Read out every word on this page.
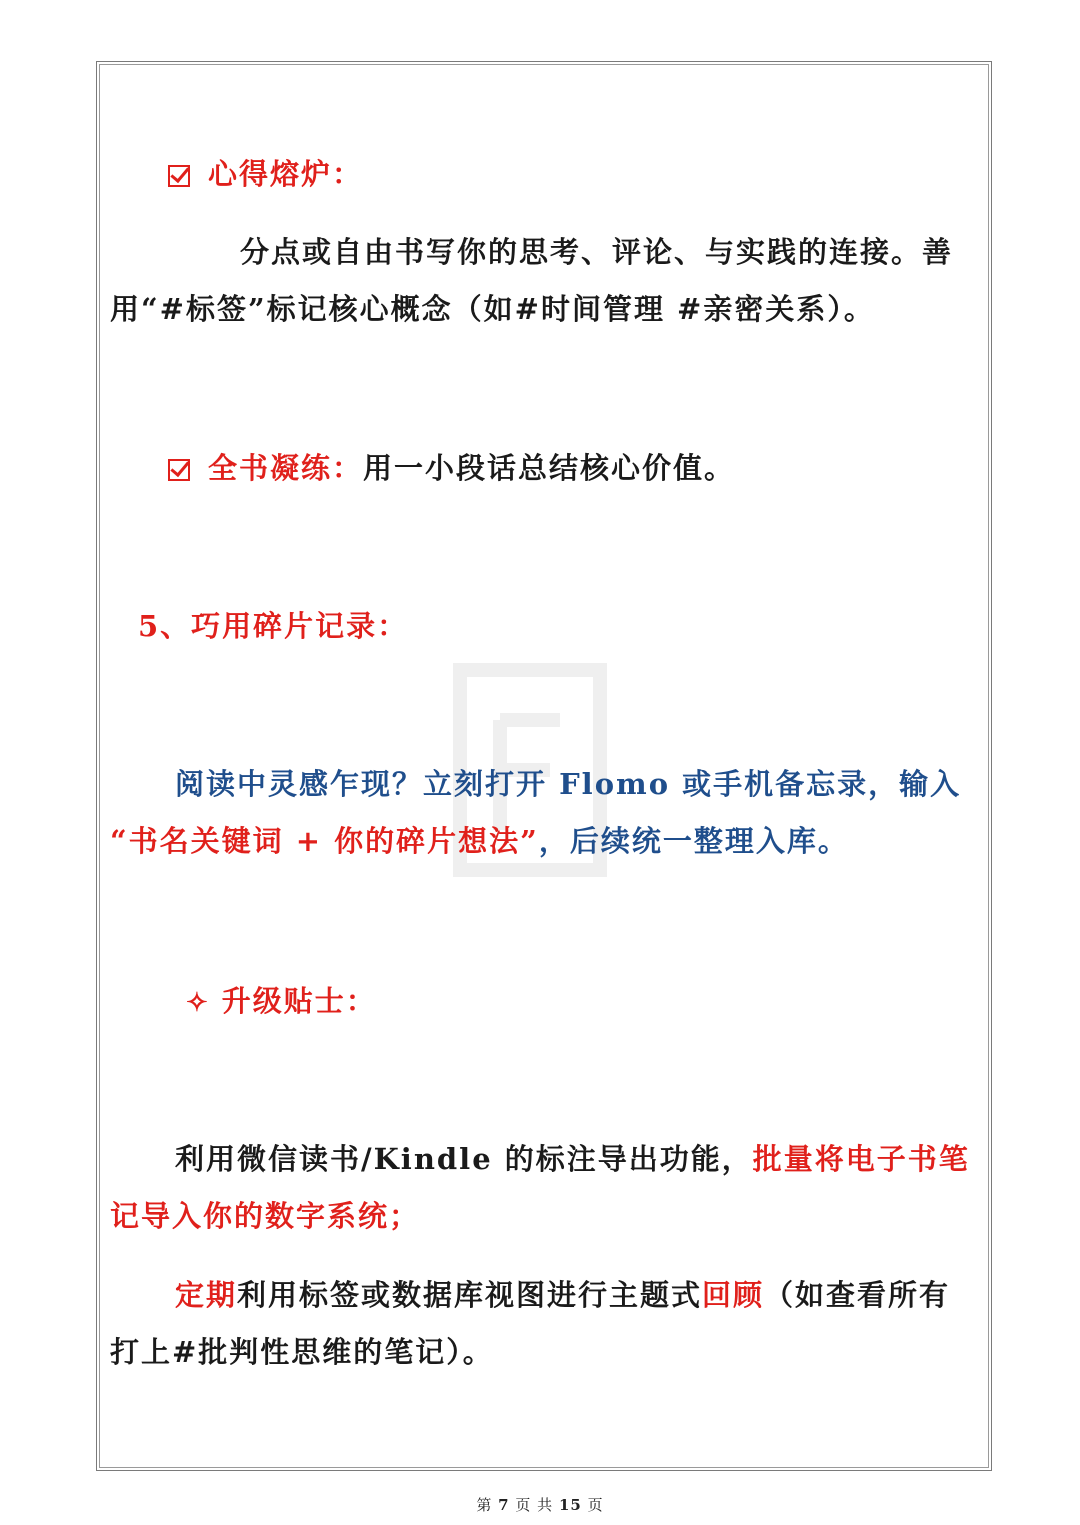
心得熔炉：
分点或自由书写你的思考、评论、与实践的连接。善
用“#标签”标记核心概念（如#时间管理 #亲密关系）。
全书凝练：用一小段话总结核心价值。
5、巧用碎片记录：
阅读中灵感乍现？立刻打开 Flomo 或手机备忘录，输入
“书名关键词 + 你的碎片想法”，后续统一整理入库。
✧ 升级贴士：
利用微信读书/Kindle 的标注导出功能，批量将电子书笔
记导入你的数字系统；
定期利用标签或数据库视图进行主题式回顾（如查看所有
打上#批判性思维的笔记）。
第 7 页 共 15 页
